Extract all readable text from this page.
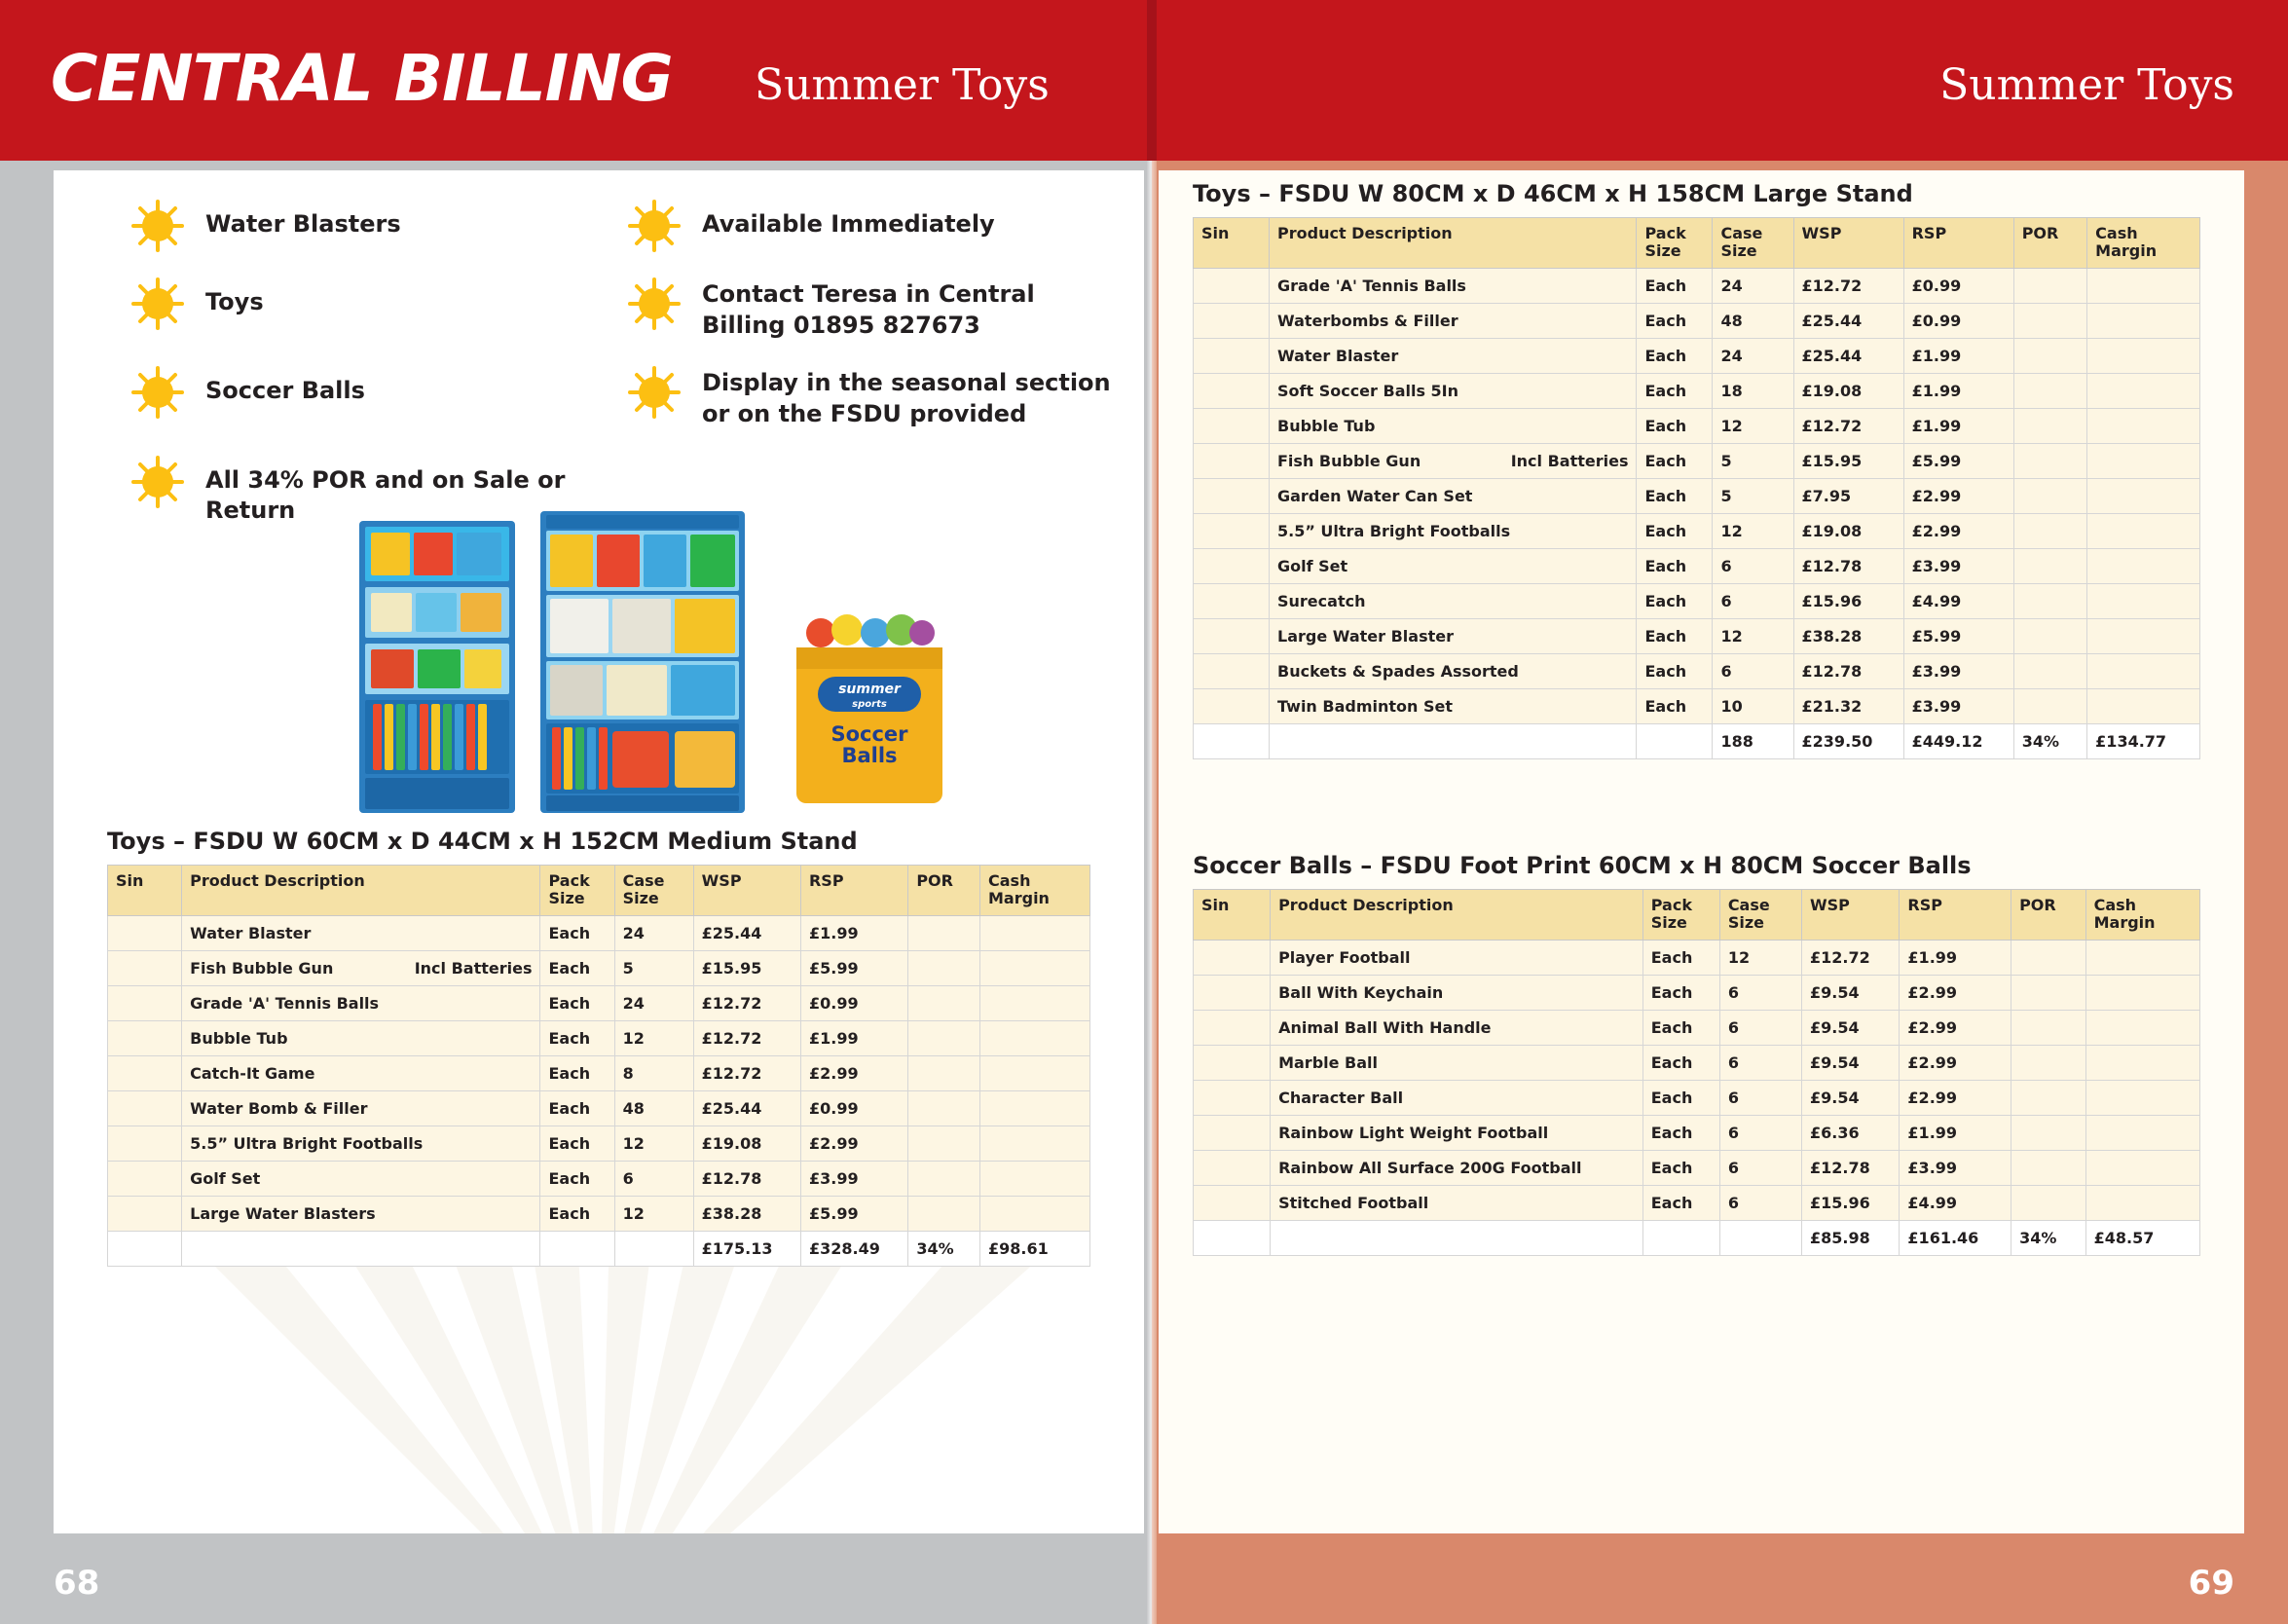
CENTRAL BILLING Summer Toys	Summer Toys
Water Blasters	Available Immediately
Toys	Contact Teresa in Central Billing 01895 827673
Soccer Balls	Display in the seasonal section or on the FSDU provided
All 34% POR and on Sale or Return
summer
sports
Soccer
Balls
Toys – FSDU W 60CM x D 44CM x H 152CM Medium Stand
Sin	Product Description	Pack Size	Case Size	WSP	RSP	POR	Cash Margin
	Water Blaster	Each	24	£25.44	£1.99		
	Fish Bubble Gun Incl Batteries	Each	5	£15.95	£5.99		
	Grade 'A' Tennis Balls	Each	24	£12.72	£0.99		
	Bubble Tub	Each	12	£12.72	£1.99		
	Catch-It Game	Each	8	£12.72	£2.99		
	Water Bomb & Filler	Each	48	£25.44	£0.99		
	5.5” Ultra Bright Footballs	Each	12	£19.08	£2.99		
	Golf Set	Each	6	£12.78	£3.99		
	Large Water Blasters	Each	12	£38.28	£5.99		
				£175.13	£328.49	34%	£98.61
Toys – FSDU W 80CM x D 46CM x H 158CM Large Stand
Sin	Product Description	Pack Size	Case Size	WSP	RSP	POR	Cash Margin
	Grade 'A' Tennis Balls	Each	24	£12.72	£0.99		
	Waterbombs & Filler	Each	48	£25.44	£0.99		
	Water Blaster	Each	24	£25.44	£1.99		
	Soft Soccer Balls 5In	Each	18	£19.08	£1.99		
	Bubble Tub	Each	12	£12.72	£1.99		
	Fish Bubble Gun Incl Batteries	Each	5	£15.95	£5.99		
	Garden Water Can Set	Each	5	£7.95	£2.99		
	5.5” Ultra Bright Footballs	Each	12	£19.08	£2.99		
	Golf Set	Each	6	£12.78	£3.99		
	Surecatch	Each	6	£15.96	£4.99		
	Large Water Blaster	Each	12	£38.28	£5.99		
	Buckets & Spades Assorted	Each	6	£12.78	£3.99		
	Twin Badminton Set	Each	10	£21.32	£3.99		
			188	£239.50	£449.12	34%	£134.77
Soccer Balls – FSDU Foot Print 60CM x H 80CM Soccer Balls
Sin	Product Description	Pack Size	Case Size	WSP	RSP	POR	Cash Margin
	Player Football	Each	12	£12.72	£1.99		
	Ball With Keychain	Each	6	£9.54	£2.99		
	Animal Ball With Handle	Each	6	£9.54	£2.99		
	Marble Ball	Each	6	£9.54	£2.99		
	Character Ball	Each	6	£9.54	£2.99		
	Rainbow Light Weight Football	Each	6	£6.36	£1.99		
	Rainbow All Surface 200G Football	Each	6	£12.78	£3.99		
	Stitched Football	Each	6	£15.96	£4.99		
				£85.98	£161.46	34%	£48.57
68	69
